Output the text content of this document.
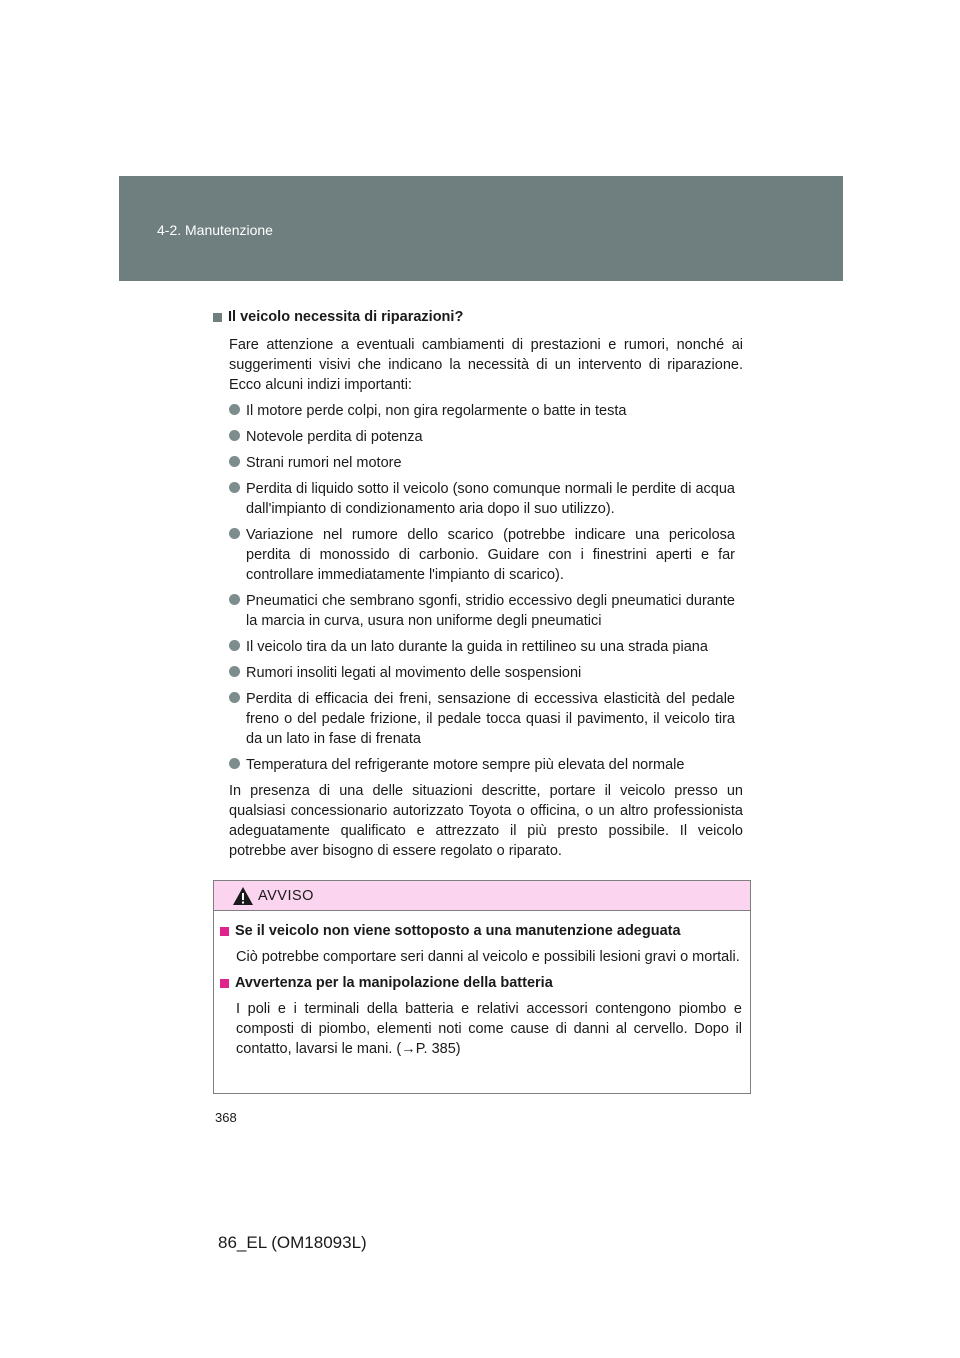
4-2. Manutenzione
Il veicolo necessita di riparazioni?

Fare attenzione a eventuali cambiamenti di prestazioni e rumori, nonché ai suggerimenti visivi che indicano la necessità di un intervento di riparazione. Ecco alcuni indizi importanti:

Il motore perde colpi, non gira regolarmente o batte in testa
Notevole perdita di potenza
Strani rumori nel motore
Perdita di liquido sotto il veicolo (sono comunque normali le perdite di acqua dall'impianto di condizionamento aria dopo il suo utilizzo).
Variazione nel rumore dello scarico (potrebbe indicare una pericolosa perdita di monossido di carbonio. Guidare con i finestrini aperti e far controllare immediatamente l'impianto di scarico).
Pneumatici che sembrano sgonfi, stridio eccessivo degli pneumatici durante la marcia in curva, usura non uniforme degli pneumatici
Il veicolo tira da un lato durante la guida in rettilineo su una strada piana
Rumori insoliti legati al movimento delle sospensioni
Perdita di efficacia dei freni, sensazione di eccessiva elasticità del pedale freno o del pedale frizione, il pedale tocca quasi il pavimento, il veicolo tira da un lato in fase di frenata
Temperatura del refrigerante motore sempre più elevata del normale

In presenza di una delle situazioni descritte, portare il veicolo presso un qualsiasi concessionario autorizzato Toyota o officina, o un altro professionista adeguatamente qualificato e attrezzato il più presto possibile. Il veicolo potrebbe aver bisogno di essere regolato o riparato.

AVVISO
Se il veicolo non viene sottoposto a una manutenzione adeguata

Ciò potrebbe comportare seri danni al veicolo e possibili lesioni gravi o mortali.

Avvertenza per la manipolazione della batteria

I poli e i terminali della batteria e relativi accessori contengono piombo e composti di piombo, elementi noti come cause di danni al cervello. Dopo il contatto, lavarsi le mani. (→P. 385)

368
86_EL (OM18093L)
